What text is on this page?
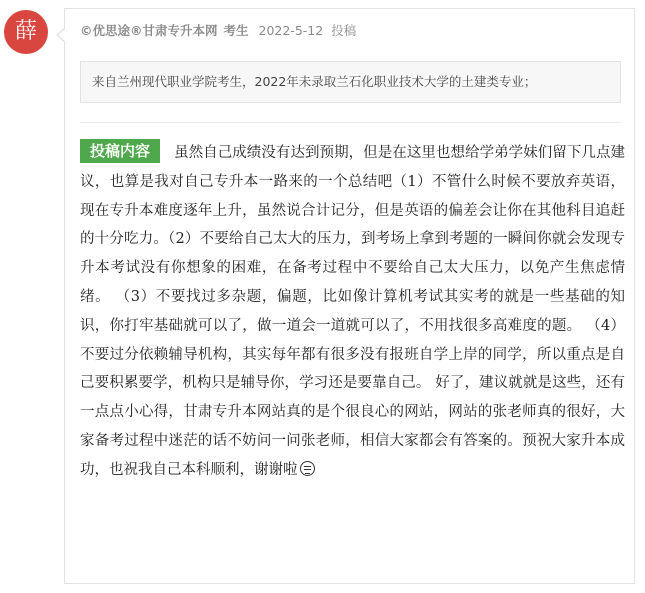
薛	©优思途®甘肃专升本网 考生 2022-5-12 投稿
来自兰州现代职业学院考生，2022年未录取兰石化职业技术大学的土建类专业；
投稿内容 虽然自己成绩没有达到预期，但是在这里也想给学弟学妹们留下几点建议，也算是我对自己专升本一路来的一个总结吧（1）不管什么时候不要放弃英语，现在专升本难度逐年上升，虽然说合计记分，但是英语的偏差会让你在其他科目追赶的十分吃力。（2）不要给自己太大的压力，到考场上拿到考题的一瞬间你就会发现专升本考试没有你想象的困难，在备考过程中不要给自己太大压力，以免产生焦虑情绪。 （3）不要找过多杂题，偏题，比如像计算机考试其实考的就是一些基础的知识，你打牢基础就可以了，做一道会一道就可以了，不用找很多高难度的题。 （4）不要过分依赖辅导机构，其实每年都有很多没有报班自学上岸的同学，所以重点是自己要积累要学，机构只是辅导你，学习还是要靠自己。 好了，建议就就是这些，还有一点点小心得，甘肃专升本网站真的是个很良心的网站，网站的张老师真的很好，大家备考过程中迷茫的话不妨问一问张老师，相信大家都会有答案的。预祝大家升本成功，也祝我自己本科顺利，谢谢啦
